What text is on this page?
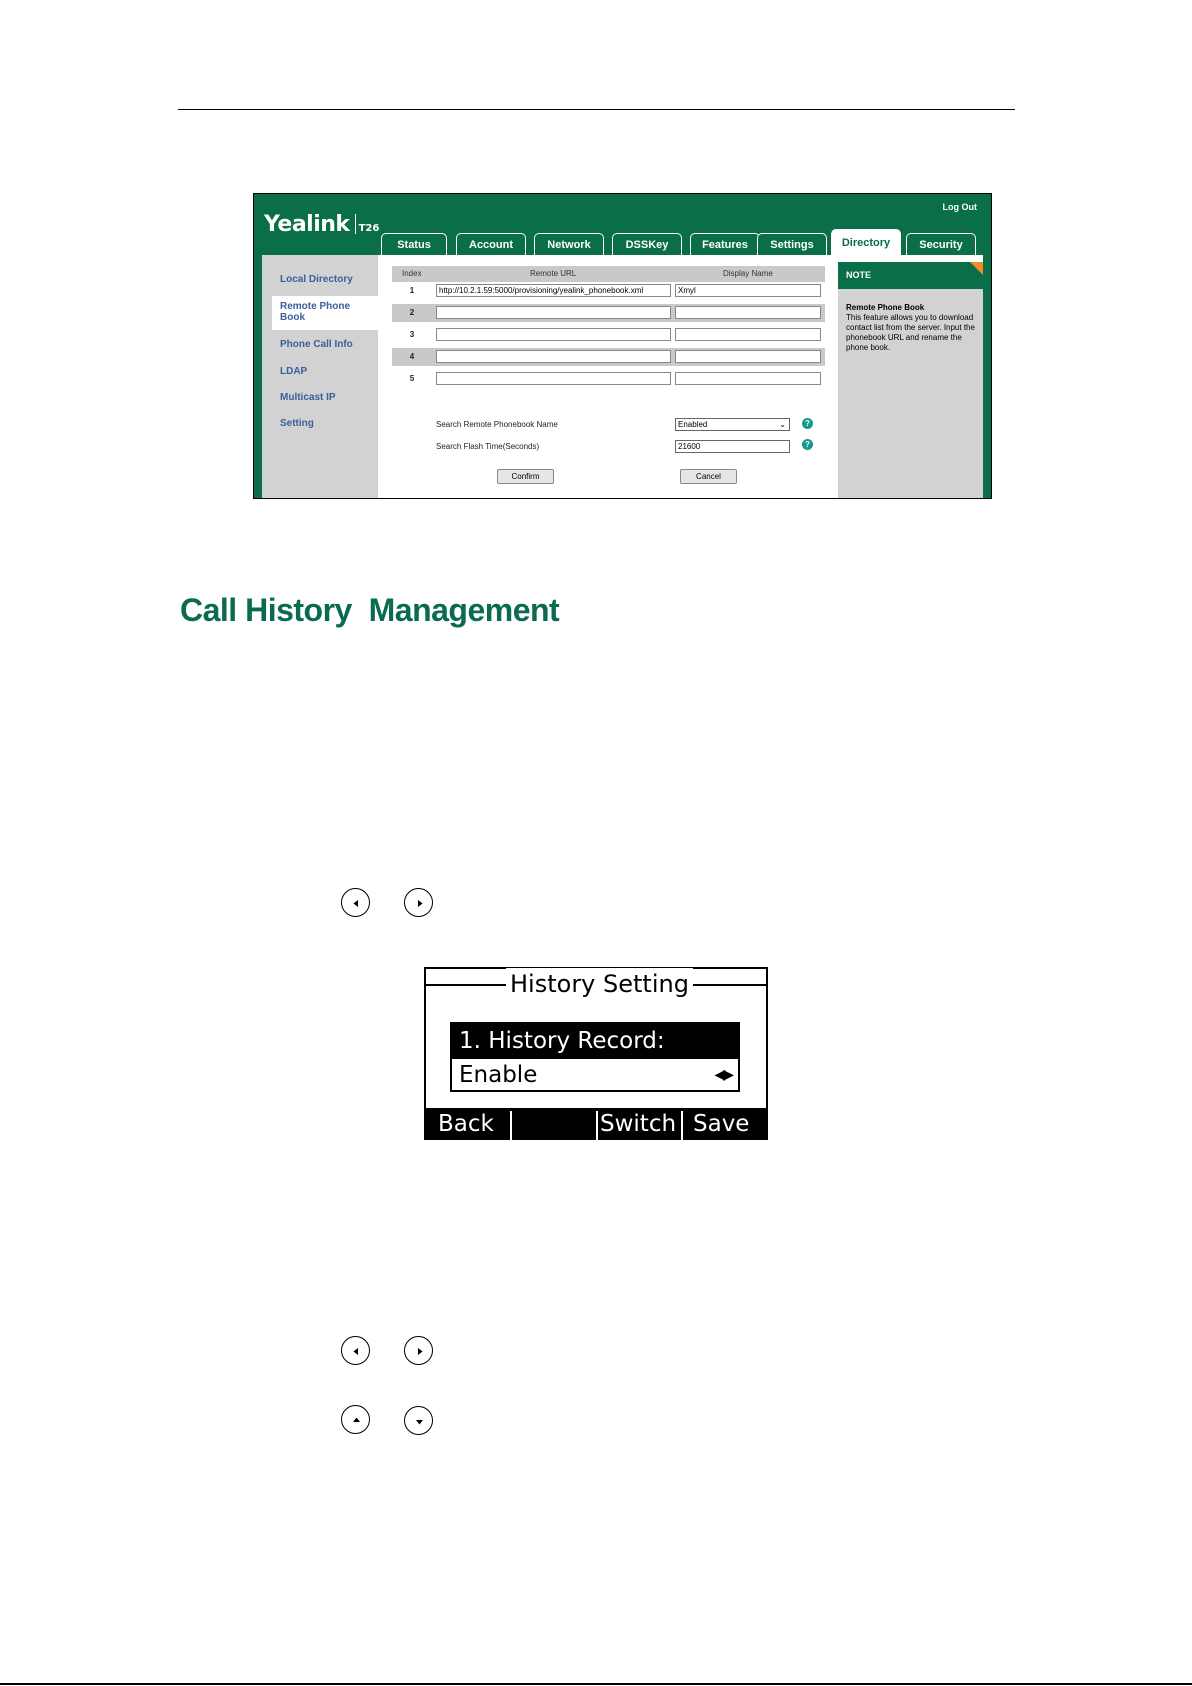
Yealink T26
Log Out
Status	Account	Network	DSSKey	Features	Settings	Directory	Security
Local Directory
Remote Phone Book
Phone Call Info
LDAP
Multicast IP
Setting
Index	Remote URL	Display Name
1	http://10.2.1.59:5000/provisioning/yealink_phonebook.xml	Xmyl
2
3
4
5
Search Remote Phonebook Name	Enabled	⌄	?
Search Flash Time(Seconds)	21600	?
Confirm	Cancel
NOTE
Remote Phone Book
This feature allows you to download contact list from the server. Input the phonebook URL and rename the phone book.
Call History  Management
History Setting
1. History Record:
Enable	◀▶
Back	Switch Save
